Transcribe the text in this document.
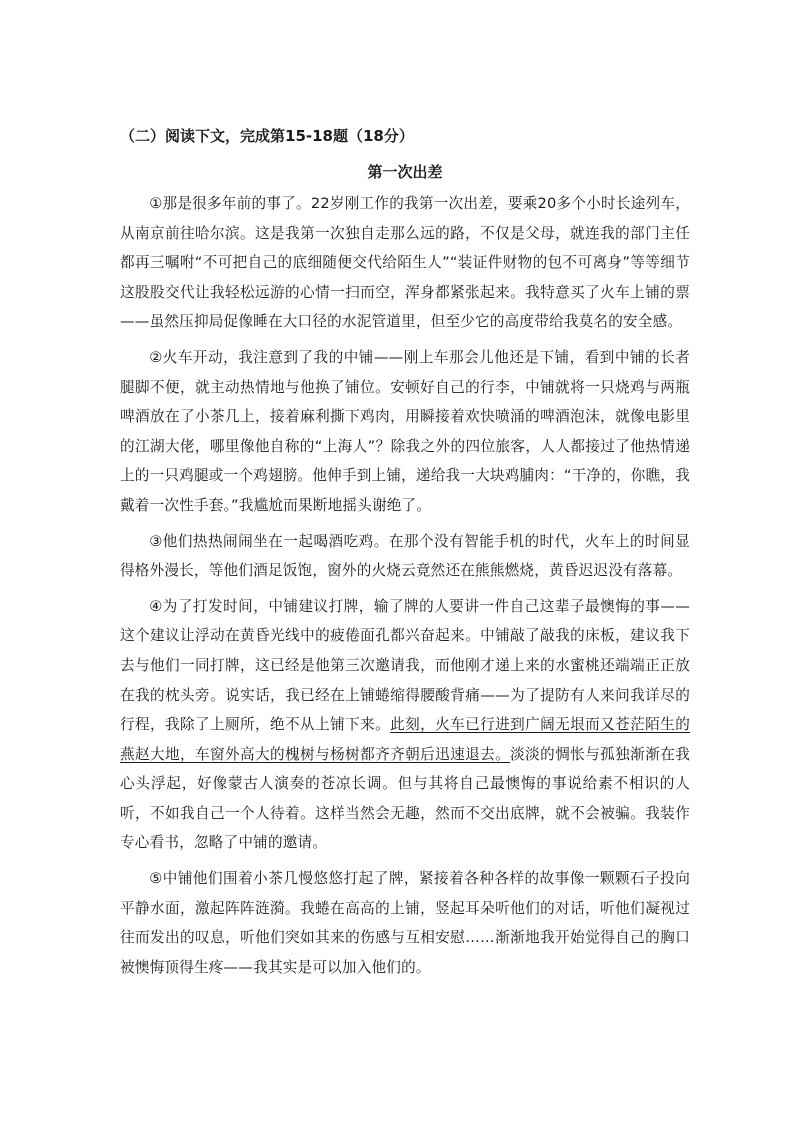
（二）阅读下文，完成第15-18题（18分）
第一次出差

①那是很多年前的事了。22岁刚工作的我第一次出差，要乘20多个小时长途列车，从南京前往哈尔滨。这是我第一次独自走那么远的路，不仅是父母，就连我的部门主任都再三嘱咐“不可把自己的底细随便交代给陌生人”“装证件财物的包不可离身”等等细节这股股交代让我轻松远游的心情一扫而空，浑身都紧张起来。我特意买了火车上铺的票——虽然压抑局促像睡在大口径的水泥管道里，但至少它的高度带给我莫名的安全感。

②火车开动，我注意到了我的中铺——刚上车那会儿他还是下铺，看到中铺的长者腿脚不便，就主动热情地与他换了铺位。安顿好自己的行李，中铺就将一只烧鸡与两瓶啤酒放在了小茶几上，接着麻利撕下鸡肉，用瞬接着欢快喷涌的啤酒泡沫，就像电影里的江湖大佬，哪里像他自称的“上海人”？除我之外的四位旅客，人人都接过了他热情递上的一只鸡腿或一个鸡翅膀。他伸手到上铺，递给我一大块鸡脯肉：“干净的，你瞧，我戴着一次性手套。”我尴尬而果断地摇头谢绝了。

③他们热热闹闹坐在一起喝酒吃鸡。在那个没有智能手机的时代，火车上的时间显得格外漫长，等他们酒足饭饱，窗外的火烧云竟然还在熊熊燃烧，黄昏迟迟没有落幕。

④为了打发时间，中铺建议打牌，输了牌的人要讲一件自己这辈子最懊悔的事——这个建议让浮动在黄昏光线中的疲倦面孔都兴奋起来。中铺敲了敲我的床板，建议我下去与他们一同打牌，这已经是他第三次邀请我，而他刚才递上来的水蜜桃还端端正正放在我的枕头旁。说实话，我已经在上铺蜷缩得腰酸背痛——为了提防有人来问我详尽的行程，我除了上厕所，绝不从上铺下来。此刻，火车已行进到广阔无垠而又苍茫陌生的燕赵大地，车窗外高大的槐树与杨树都齐齐朝后迅速退去。淡淡的惆怅与孤独渐渐在我心头浮起，好像蒙古人演奏的苍凉长调。但与其将自己最懊悔的事说给素不相识的人听，不如我自己一个人待着。这样当然会无趣，然而不交出底牌，就不会被骗。我装作专心看书，忽略了中铺的邀请。

⑤中铺他们围着小茶几慢悠悠打起了牌，紧接着各种各样的故事像一颗颗石子投向平静水面，激起阵阵涟漪。我蜷在高高的上铺，竖起耳朵听他们的对话，听他们凝视过往而发出的叹息，听他们突如其来的伤感与互相安慰……渐渐地我开始觉得自己的胸口被懊悔顶得生疼——我其实是可以加入他们的。
